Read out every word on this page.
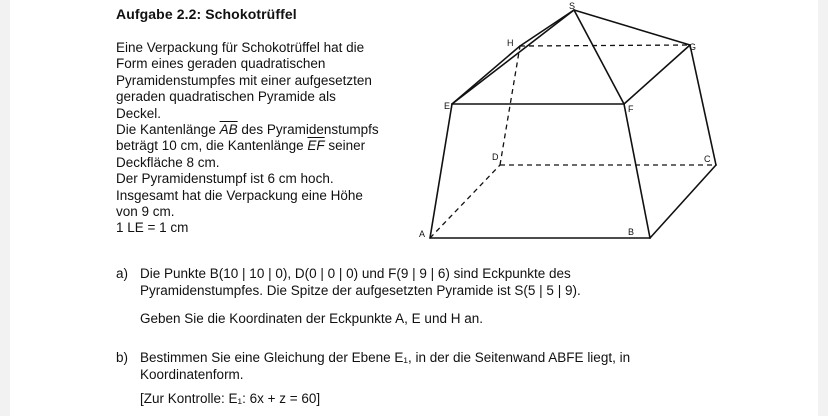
Aufgabe 2.2: Schokotrüffel
Eine Verpackung für Schokotrüffel hat die
Form eines geraden quadratischen
Pyramidenstumpfes mit einer aufgesetzten
geraden quadratischen Pyramide als
Deckel.
Die Kantenlänge $\overline{AB}$ des Pyramidenstumpfs
beträgt 10 cm, die Kantenlänge $\overline{EF}$ seiner
Deckfläche 8 cm.
Der Pyramidenstumpf ist 6 cm hoch.
Insgesamt hat die Verpackung eine Höhe
von 9 cm.
1 LE = 1 cm
S
H	G
E	F
D	C
A	B
a) Die Punkte B(10 | 10 | 0), D(0 | 0 | 0) und F(9 | 9 | 6) sind Eckpunkte des
Pyramidenstumpfes. Die Spitze der aufgesetzten Pyramide ist S(5 | 5 | 9).
Geben Sie die Koordinaten der Eckpunkte A, E und H an.
b) Bestimmen Sie eine Gleichung der Ebene E₁, in der die Seitenwand ABFE liegt, in
Koordinatenform.
[Zur Kontrolle: E₁: 6x + z = 60]
